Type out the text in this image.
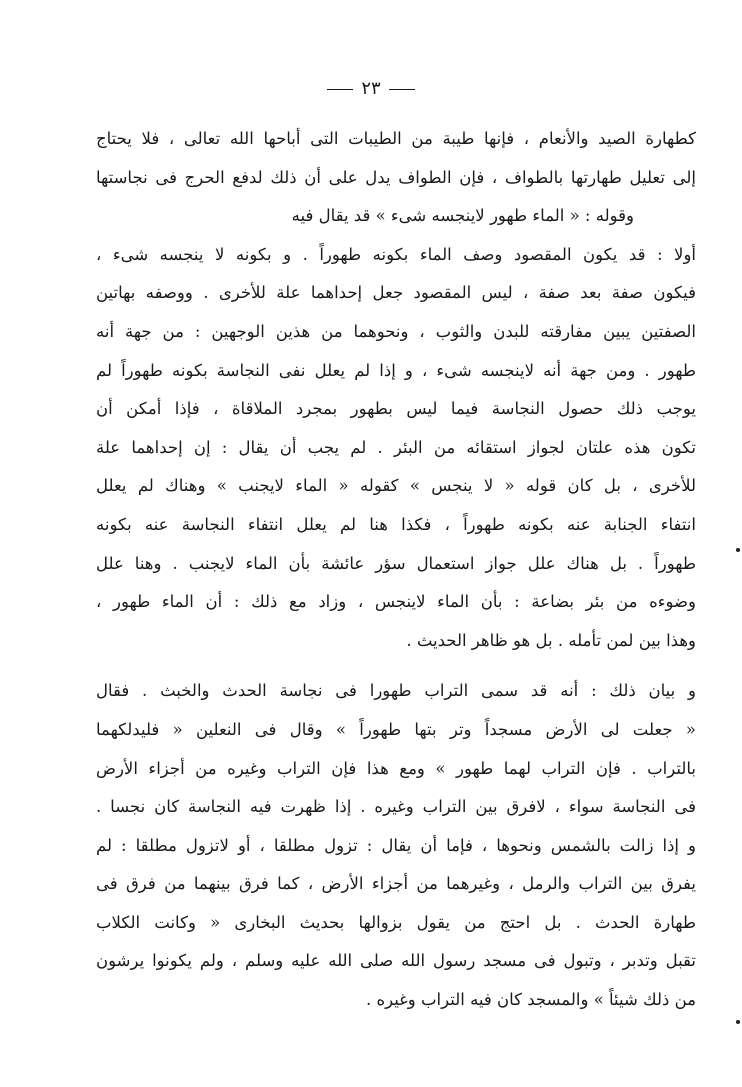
٢٣
كطهارة الصيد والأنعام ، فإنها طيبة من الطيبات التى أباحها الله تعالى ، فلا يحتاج
إلى تعليل طهارتها بالطواف ، فإن الطواف يدل على أن ذلك لدفع الحرج فى نجاستها
وقوله : « الماء طهور لاينجسه شىء » قد يقال فيه
أولا : قد يكون المقصود وصف الماء بكونه طهوراً . و بكونه لا ينجسه شىء ،
فيكون صفة بعد صفة ، ليس المقصود جعل إحداهما علة للأخرى . ووصفه بهاتين
الصفتين يبين مفارقته للبدن والثوب ، ونحوهما من هذين الوجهين : من جهة أنه
طهور . ومن جهة أنه لاينجسه شىء ، و إذا لم يعلل نفى النجاسة بكونه طهوراً لم
يوجب ذلك حصول النجاسة فيما ليس بطهور بمجرد الملاقاة ، فإذا أمكن أن
تكون هذه علتان لجواز استقائه من البئر . لم يجب أن يقال : إن إحداهما علة
للأخرى ، بل كان قوله « لا ينجس » كقوله « الماء لايجنب » وهناك لم يعلل
انتفاء الجنابة عنه بكونه طهوراً ، فكذا هنا لم يعلل انتفاء النجاسة عنه بكونه
طهوراً . بل هناك علل جواز استعمال سؤر عائشة بأن الماء لايجنب . وهنا علل
وضوءه من بئر بضاعة : بأن الماء لاينجس ، وزاد مع ذلك : أن الماء طهور ،
وهذا بين لمن تأمله . بل هو ظاهر الحديث .
و بيان ذلك : أنه قد سمى التراب طهورا فى نجاسة الحدث والخبث . فقال
« جعلت لى الأرض مسجداً وتر بتها طهوراً » وقال فى النعلين « فليدلكهما
بالتراب . فإن التراب لهما طهور » ومع هذا فإن التراب وغيره من أجزاء الأرض
فى النجاسة سواء ، لافرق بين التراب وغيره . إذا ظهرت فيه النجاسة كان نجسا .
و إذا زالت بالشمس ونحوها ، فإما أن يقال : تزول مطلقا ، أو لاتزول مطلقا : لم
يفرق بين التراب والرمل ، وغيرهما من أجزاء الأرض ، كما فرق بينهما من فرق فى
طهارة الحدث . بل احتج من يقول بزوالها بحديث البخارى « وكانت الكلاب
تقبل وتدبر ، وتبول فى مسجد رسول الله صلى الله عليه وسلم ، ولم يكونوا يرشون
من ذلك شيئاً » والمسجد كان فيه التراب وغيره .
